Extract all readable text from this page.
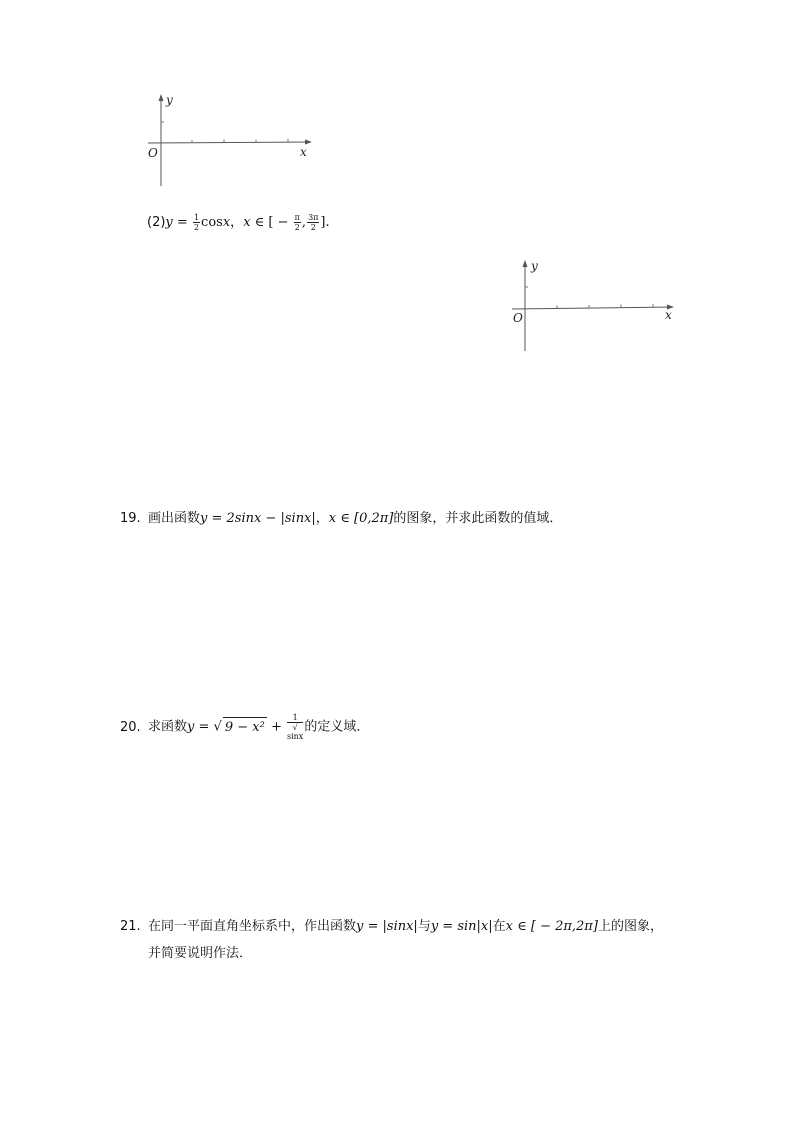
y
x
O
$(2)y = \frac{1}{2}$ cosx，x ∈ [ − $\frac{\pi}{2}$ , $\frac{3\pi}{2}$ ].
y
x
O
19. 画出函数y = 2sinx − |sinx|，x ∈ [0,2π]的图象，并求此函数的值域．
20. 求函数y = √ 9 − x² + 1
√
sinx 的定义域．
21. 在同一平面直角坐标系中，作出函数y = |sinx|与y = sin|x|在x ∈ [ − 2π,2π]上的图象，
并简要说明作法．
